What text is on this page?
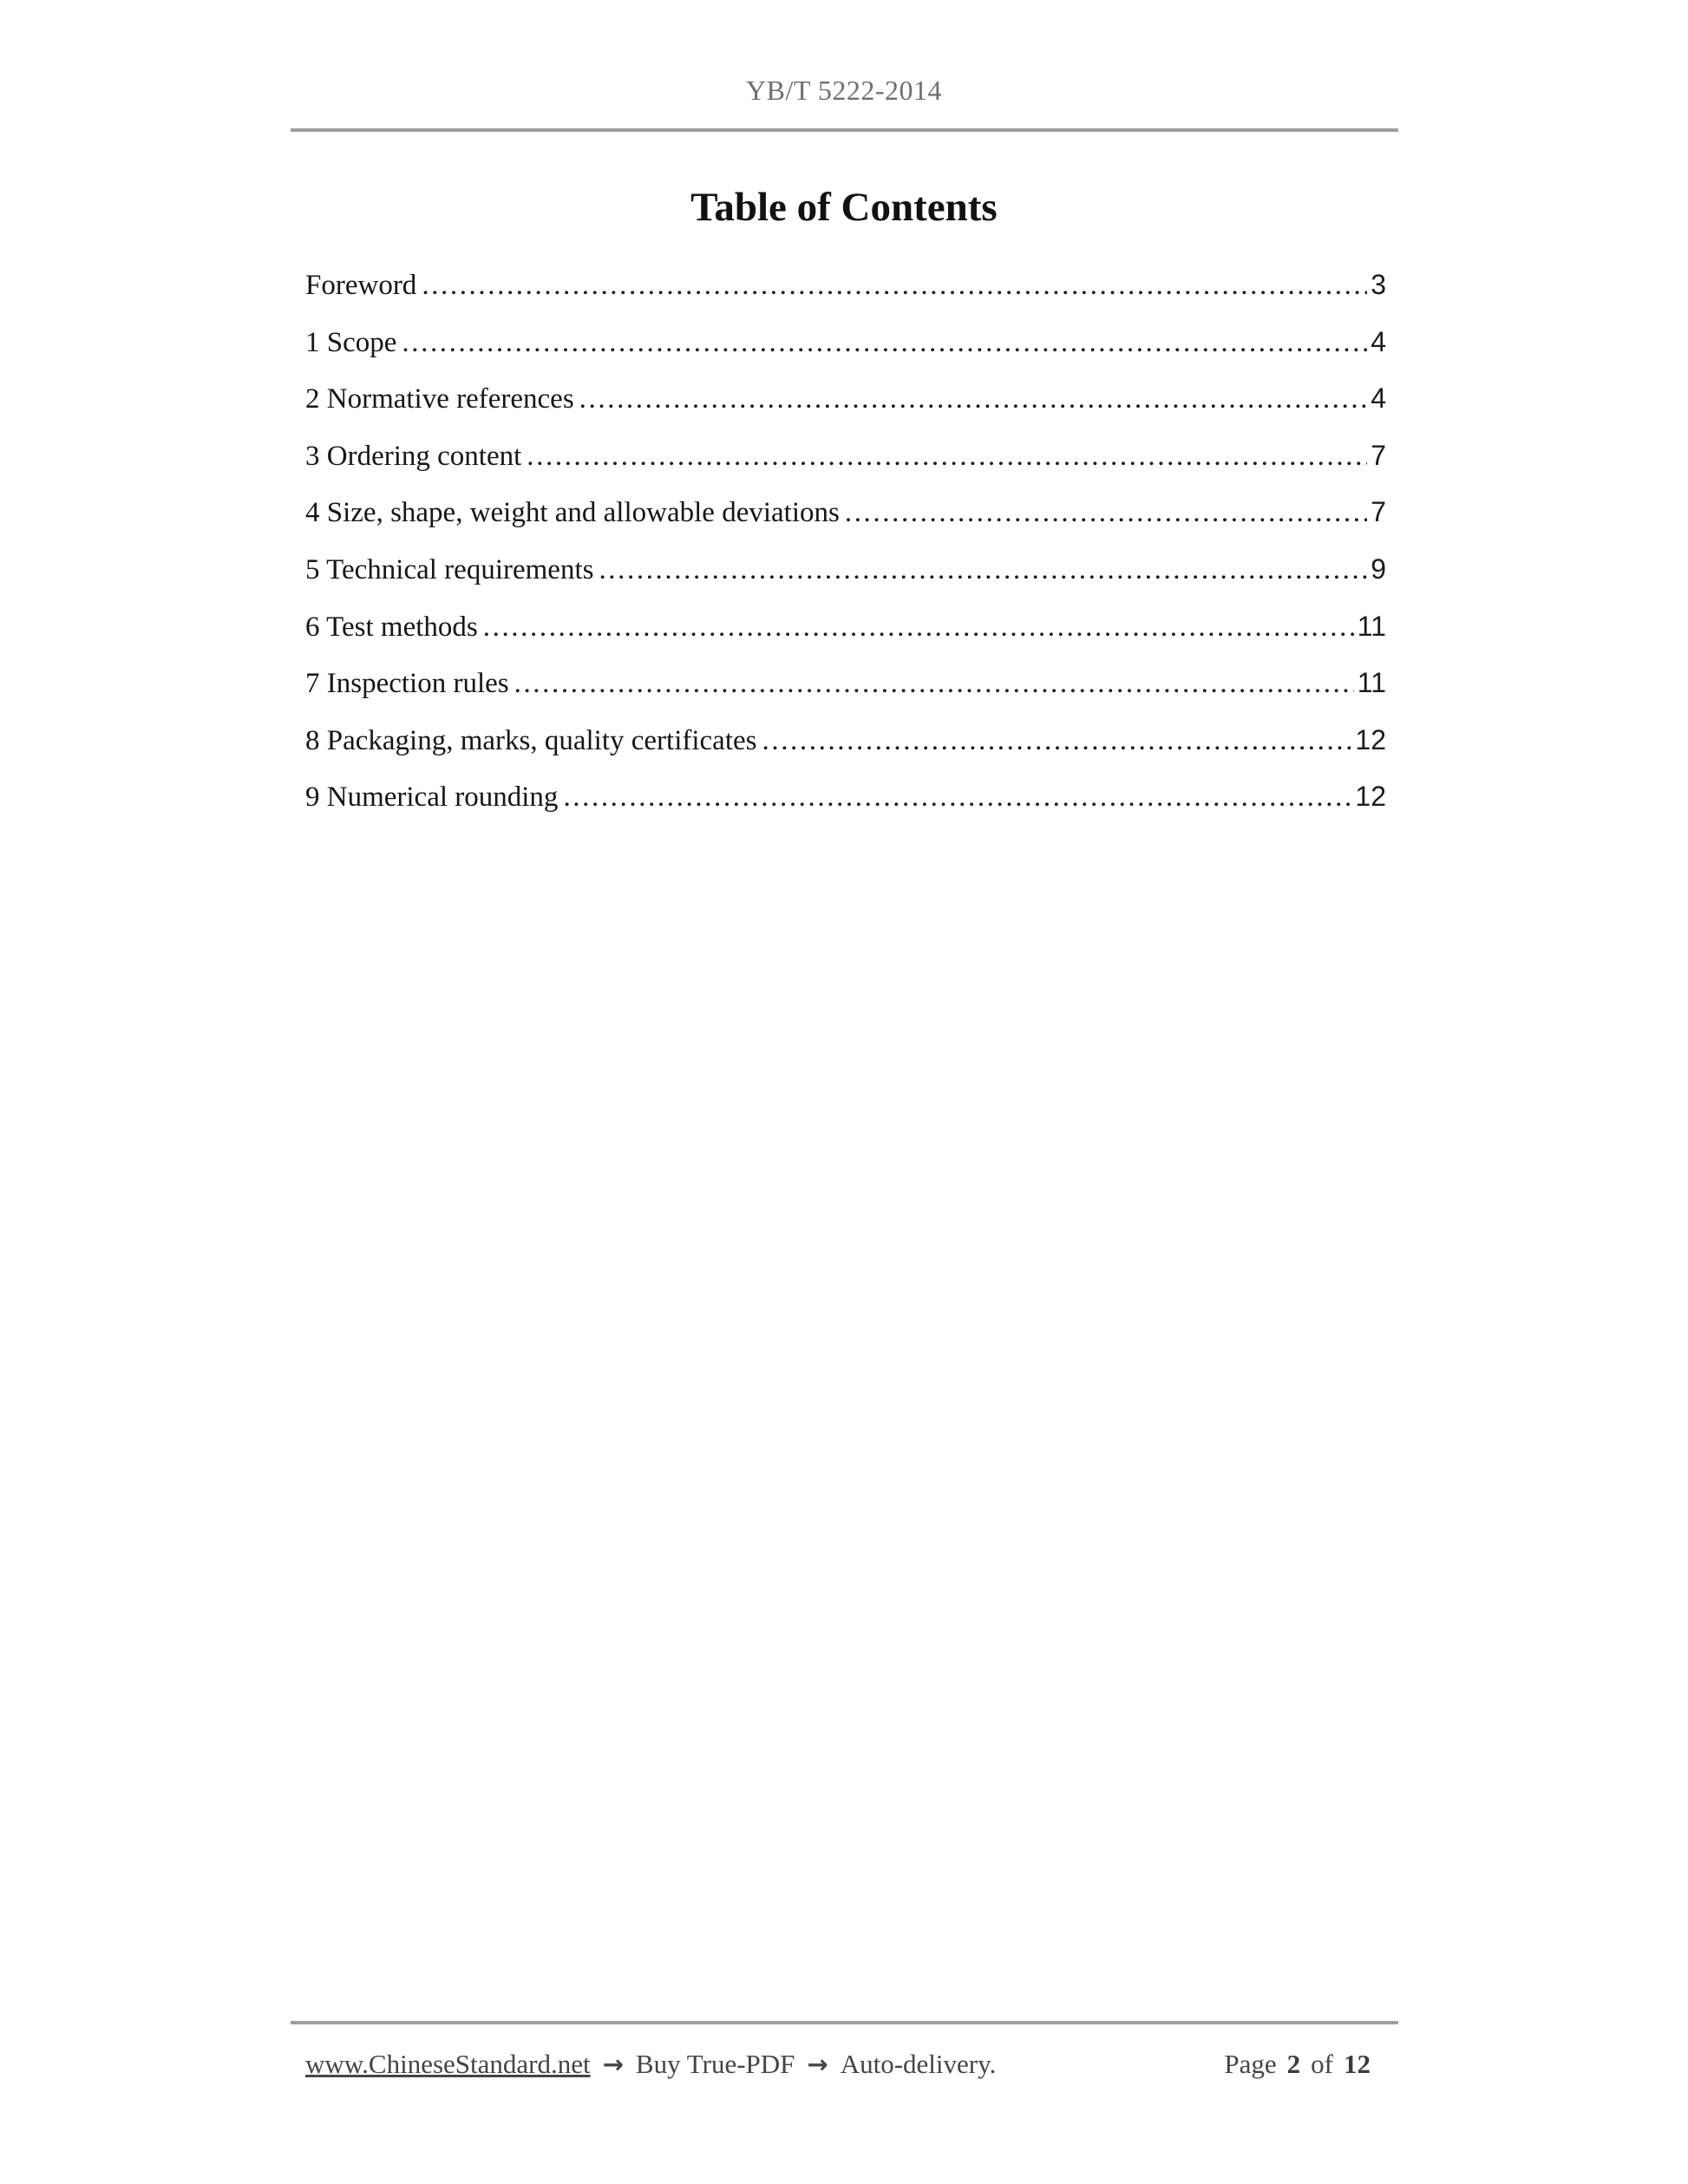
YB/T 5222-2014
Table of Contents
Foreword .....	3
1 Scope .....	4
2 Normative references .....	4
3 Ordering content .....	7
4 Size, shape, weight and allowable deviations .....	7
5 Technical requirements .....	9
6 Test methods .....	11
7 Inspection rules .....	11
8 Packaging, marks, quality certificates .....	12
9 Numerical rounding .....	12
www.ChineseStandard.net → Buy True-PDF → Auto-delivery.	Page 2 of 12
